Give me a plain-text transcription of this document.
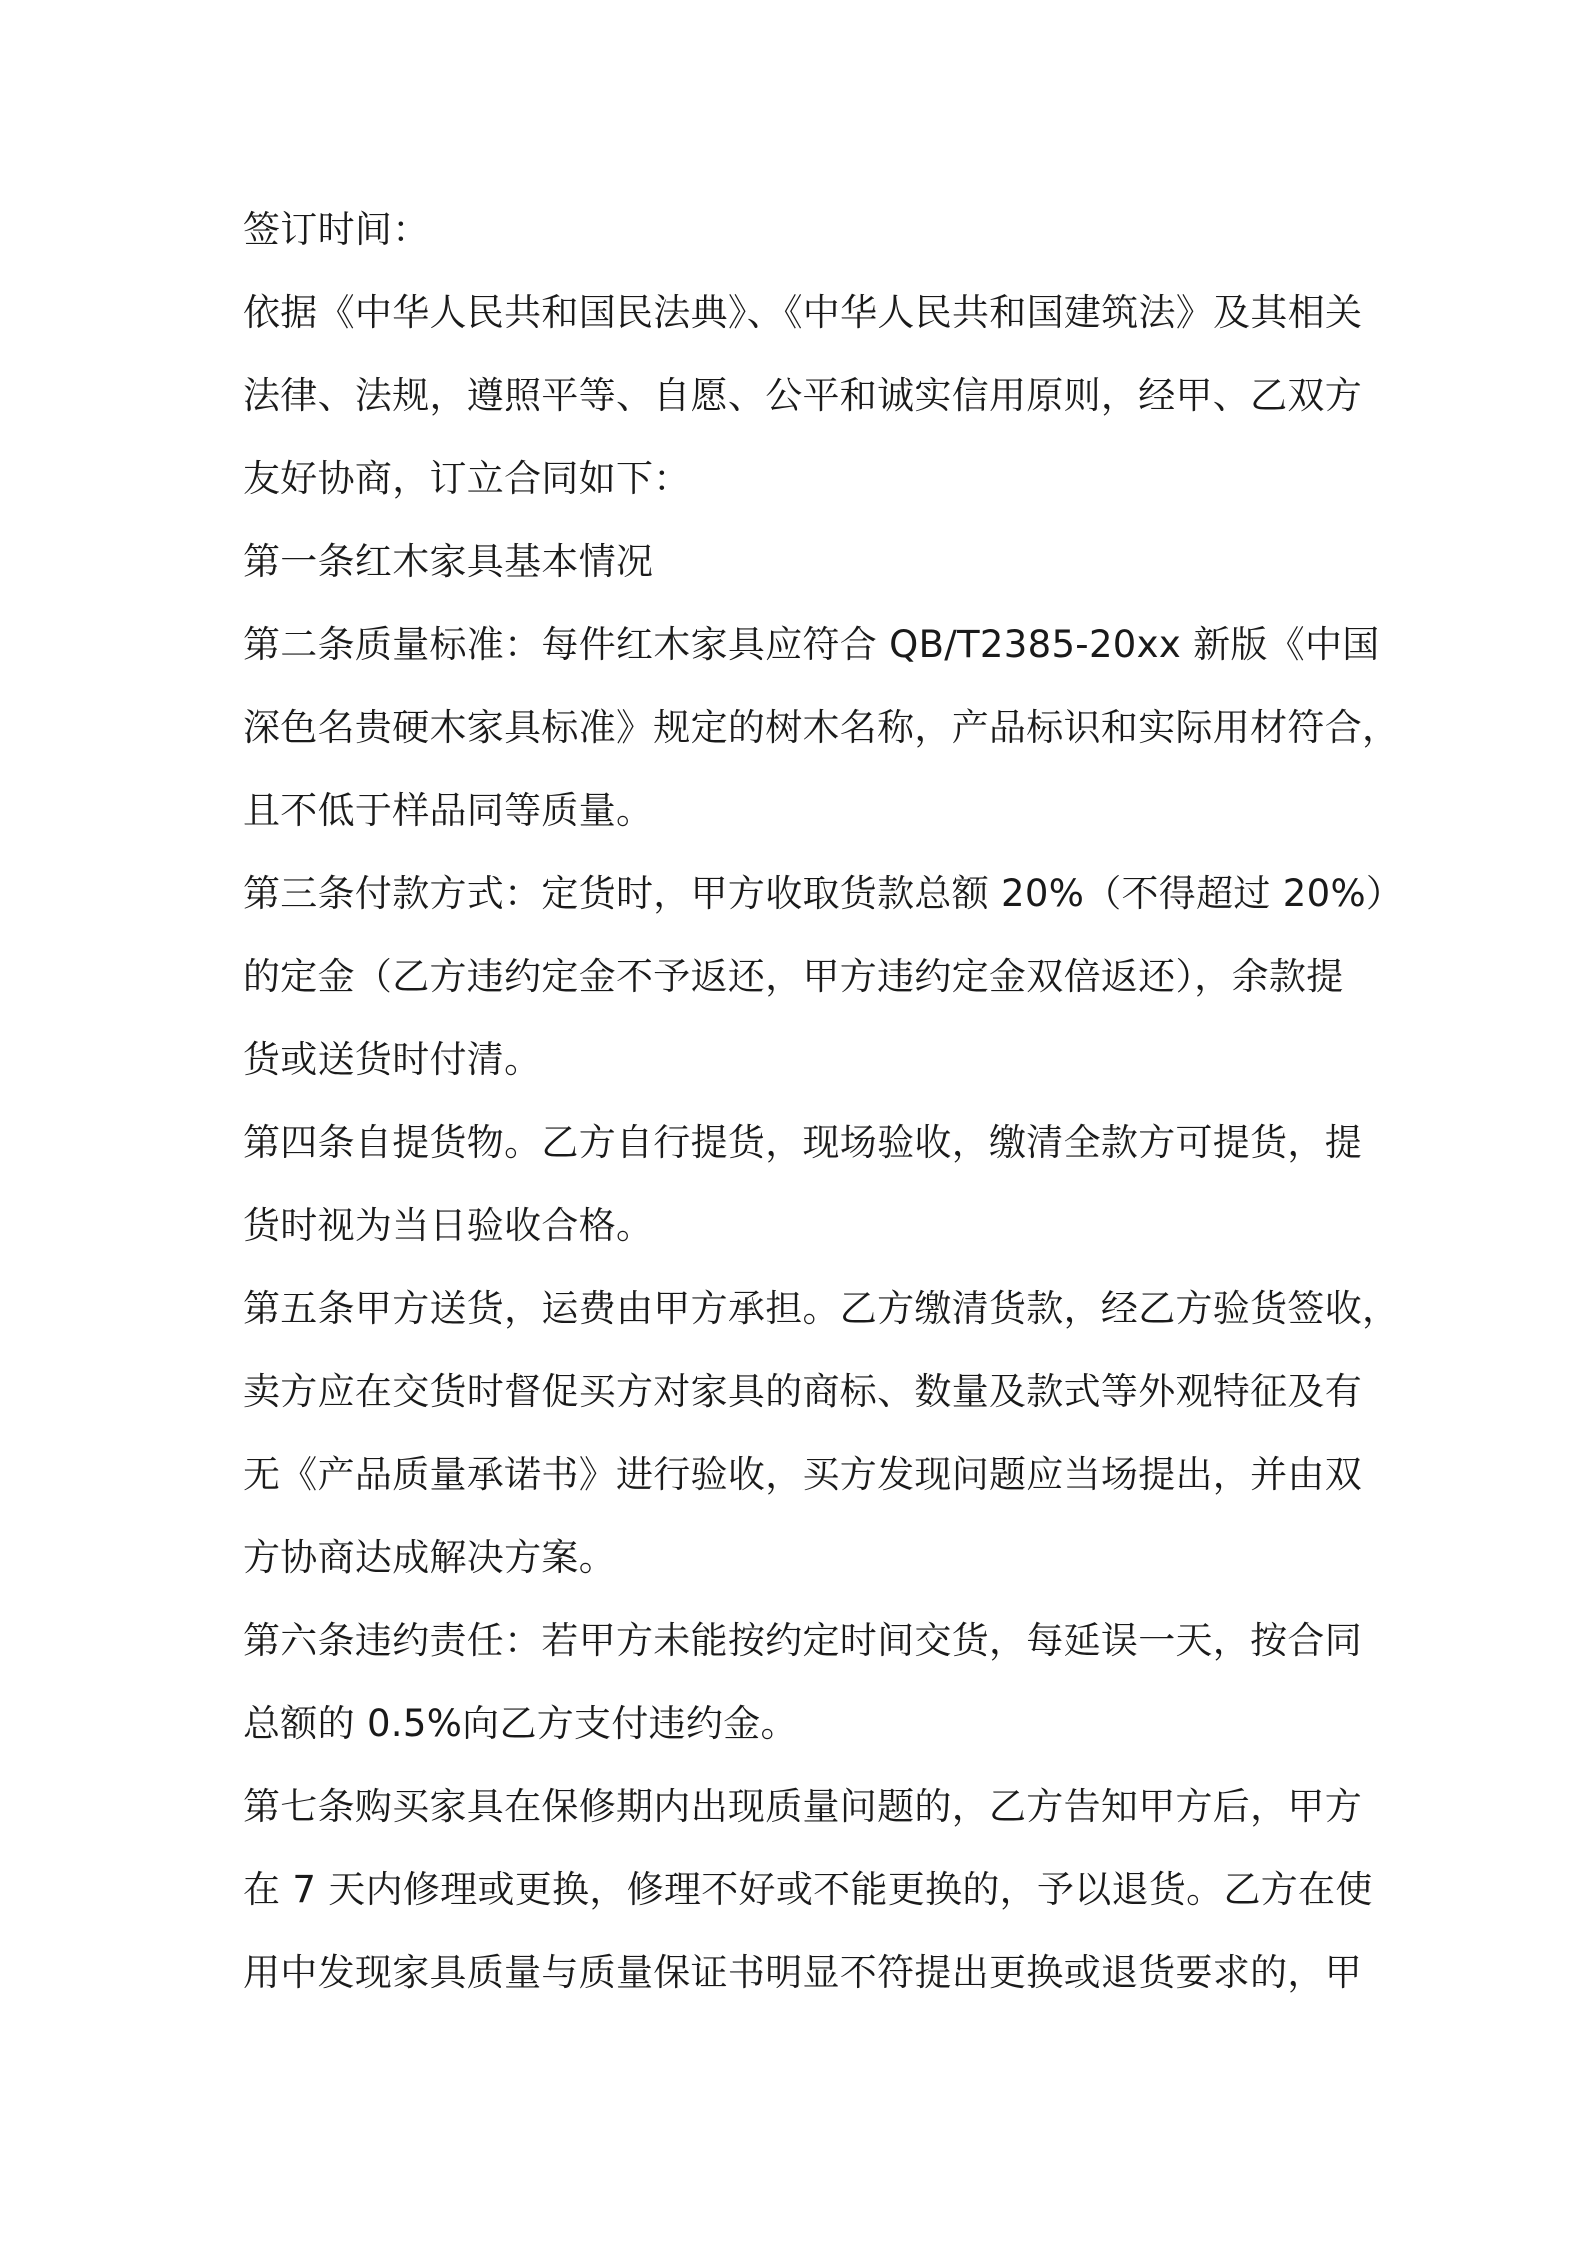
签订时间：
依据《中华人民共和国民法典》、《中华人民共和国建筑法》及其相关
法律、法规，遵照平等、自愿、公平和诚实信用原则，经甲、乙双方
友好协商，订立合同如下：
第一条红木家具基本情况
第二条质量标准：每件红木家具应符合 QB/T2385-20xx 新版《中国
深色名贵硬木家具标准》规定的树木名称，产品标识和实际用材符合，
且不低于样品同等质量。
第三条付款方式：定货时，甲方收取货款总额 20%（不得超过 20%）
的定金（乙方违约定金不予返还，甲方违约定金双倍返还），余款提
货或送货时付清。
第四条自提货物。乙方自行提货，现场验收，缴清全款方可提货，提
货时视为当日验收合格。
第五条甲方送货，运费由甲方承担。乙方缴清货款，经乙方验货签收，
卖方应在交货时督促买方对家具的商标、数量及款式等外观特征及有
无《产品质量承诺书》进行验收，买方发现问题应当场提出，并由双
方协商达成解决方案。
第六条违约责任：若甲方未能按约定时间交货，每延误一天，按合同
总额的 0.5%向乙方支付违约金。
第七条购买家具在保修期内出现质量问题的，乙方告知甲方后，甲方
在 7 天内修理或更换，修理不好或不能更换的，予以退货。乙方在使
用中发现家具质量与质量保证书明显不符提出更换或退货要求的，甲
